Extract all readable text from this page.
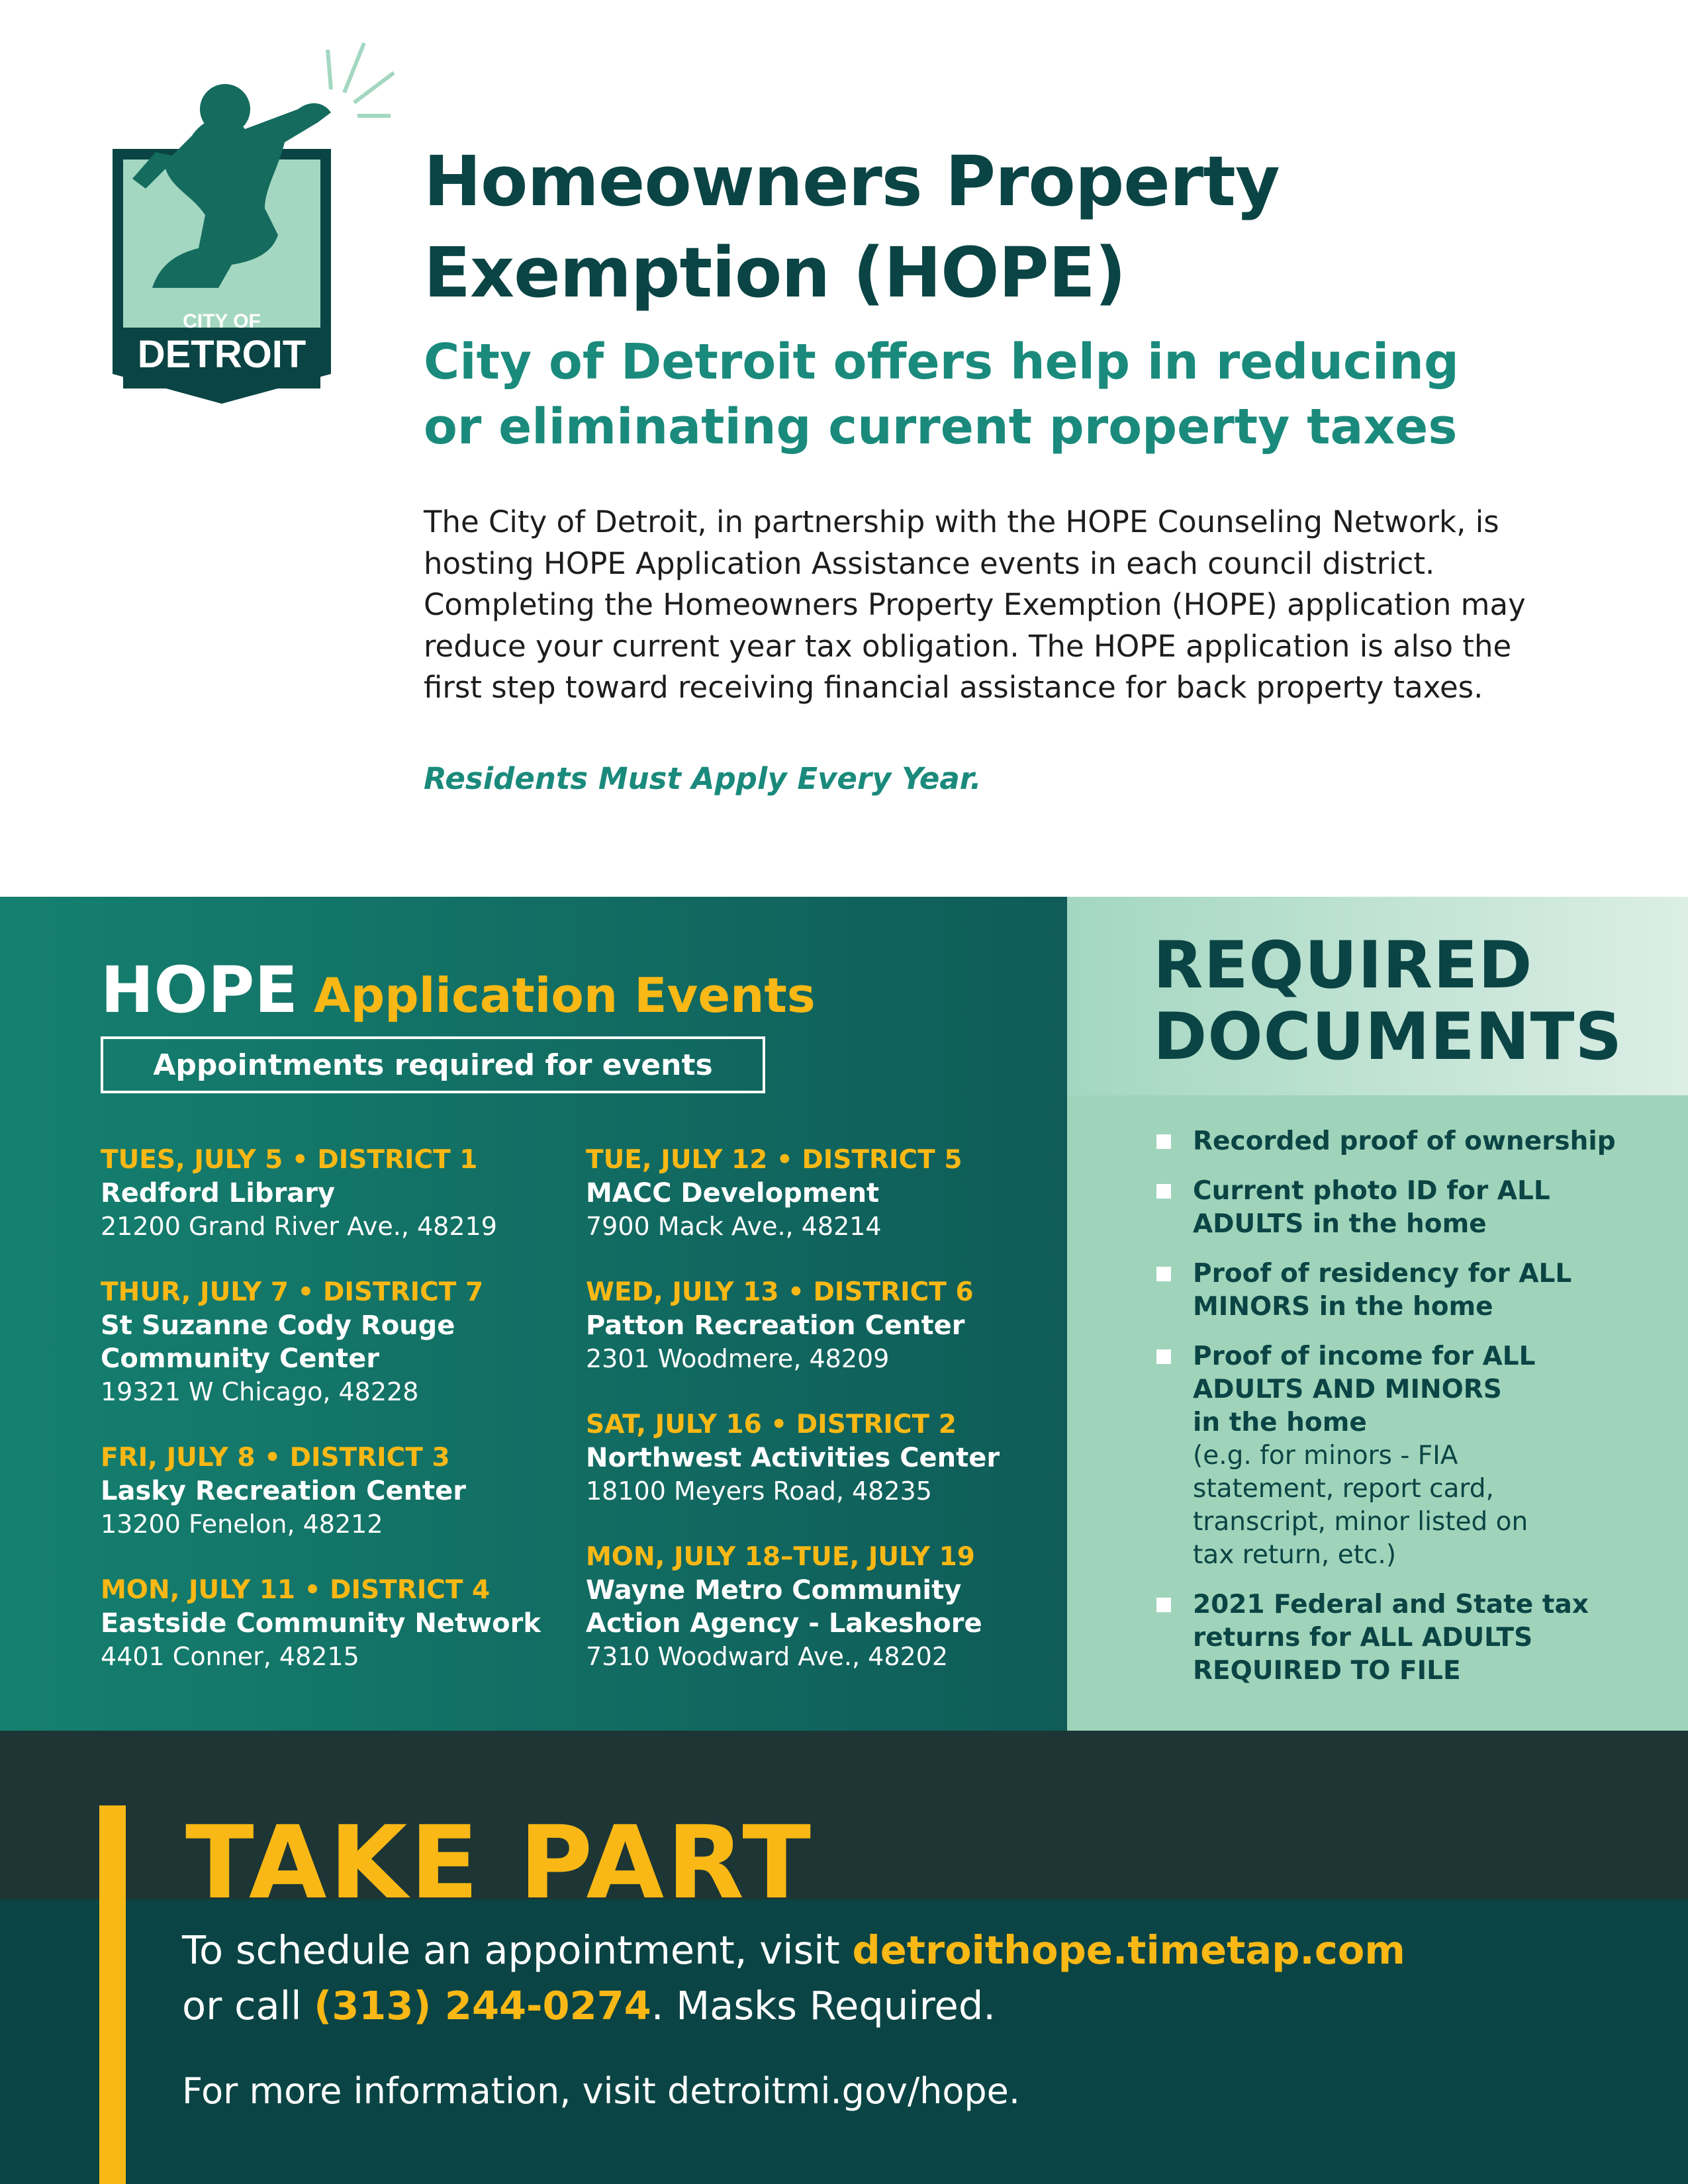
CITY OF
DETROIT
Homeowners Property
Exemption (HOPE)
City of Detroit offers help in reducing
or eliminating current property taxes

The City of Detroit, in partnership with the HOPE Counseling Network, is hosting HOPE Application Assistance events in each council district. Completing the Homeowners Property Exemption (HOPE) application may reduce your current year tax obligation. The HOPE application is also the first step toward receiving financial assistance for back property taxes.

Residents Must Apply Every Year.
HOPE Application Events
Appointments required for events
TUES, JULY 5 • DISTRICT 1
Redford Library
21200 Grand River Ave., 48219
THUR, JULY 7 • DISTRICT 7
St Suzanne Cody Rouge Community Center
19321 W Chicago, 48228
FRI, JULY 8 • DISTRICT 3
Lasky Recreation Center
13200 Fenelon, 48212
MON, JULY 11 • DISTRICT 4
Eastside Community Network
4401 Conner, 48215
TUE, JULY 12 • DISTRICT 5
MACC Development
7900 Mack Ave., 48214
WED, JULY 13 • DISTRICT 6
Patton Recreation Center
2301 Woodmere, 48209
SAT, JULY 16 • DISTRICT 2
Northwest Activities Center
18100 Meyers Road, 48235
MON, JULY 18–TUE, JULY 19
Wayne Metro Community Action Agency - Lakeshore
7310 Woodward Ave., 48202
REQUIRED
DOCUMENTS
Recorded proof of ownership
Current photo ID for ALL ADULTS in the home
Proof of residency for ALL MINORS in the home
Proof of income for ALL ADULTS AND MINORS in the home
(e.g. for minors - FIA statement, report card, transcript, minor listed on tax return, etc.)
2021 Federal and State tax returns for ALL ADULTS REQUIRED TO FILE
TAKE PART

To schedule an appointment, visit detroithope.timetap.com
or call (313) 244-0274. Masks Required.

For more information, visit detroitmi.gov/hope.
